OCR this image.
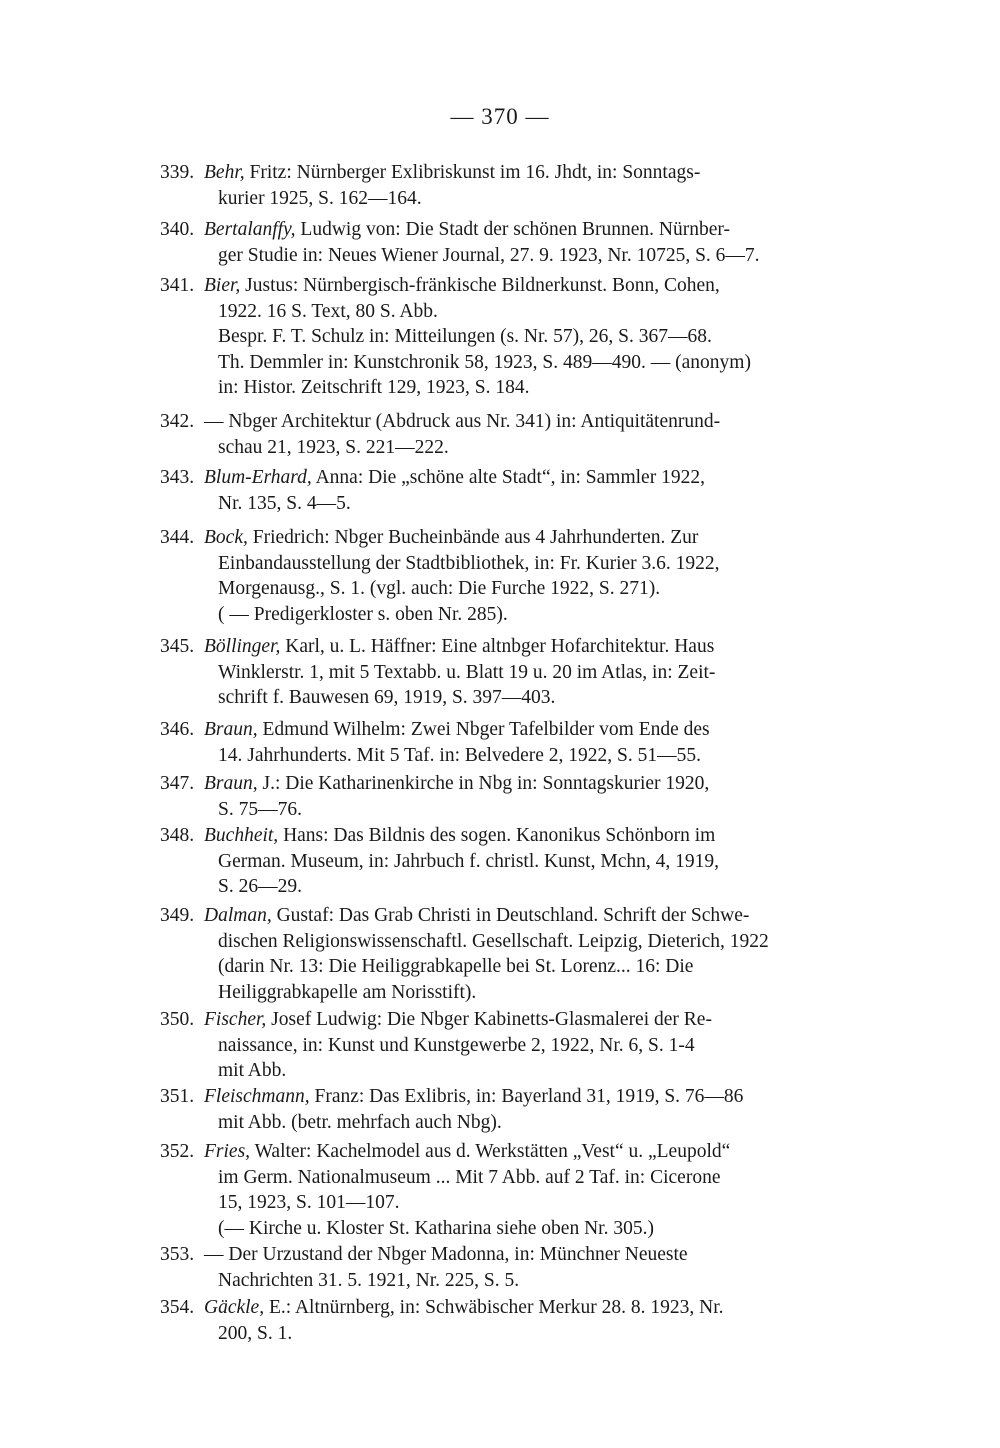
— 370 —
339. Behr, Fritz: Nürnberger Exlibriskunst im 16. Jhdt, in: Sonntags-
kurier 1925, S. 162—164.
340. Bertalanffy, Ludwig von: Die Stadt der schönen Brunnen. Nürnber-
ger Studie in: Neues Wiener Journal, 27. 9. 1923, Nr. 10725, S. 6—7.
341. Bier, Justus: Nürnbergisch-fränkische Bildnerkunst. Bonn, Cohen,
1922. 16 S. Text, 80 S. Abb.
Bespr. F. T. Schulz in: Mitteilungen (s. Nr. 57), 26, S. 367—68.
Th. Demmler in: Kunstchronik 58, 1923, S. 489—490. — (anonym)
in: Histor. Zeitschrift 129, 1923, S. 184.
342. — Nbger Architektur (Abdruck aus Nr. 341) in: Antiquitätenrund-
schau 21, 1923, S. 221—222.
343. Blum-Erhard, Anna: Die „schöne alte Stadt“, in: Sammler 1922,
Nr. 135, S. 4—5.
344. Bock, Friedrich: Nbger Bucheinbände aus 4 Jahrhunderten. Zur
Einbandausstellung der Stadtbibliothek, in: Fr. Kurier 3.6. 1922,
Morgenausg., S. 1. (vgl. auch: Die Furche 1922, S. 271).
( — Predigerkloster s. oben Nr. 285).
345. Böllinger, Karl, u. L. Häffner: Eine altnbger Hofarchitektur. Haus
Winklerstr. 1, mit 5 Textabb. u. Blatt 19 u. 20 im Atlas, in: Zeit-
schrift f. Bauwesen 69, 1919, S. 397—403.
346. Braun, Edmund Wilhelm: Zwei Nbger Tafelbilder vom Ende des
14. Jahrhunderts. Mit 5 Taf. in: Belvedere 2, 1922, S. 51—55.
347. Braun, J.: Die Katharinenkirche in Nbg in: Sonntagskurier 1920,
S. 75—76.
348. Buchheit, Hans: Das Bildnis des sogen. Kanonikus Schönborn im
German. Museum, in: Jahrbuch f. christl. Kunst, Mchn, 4, 1919,
S. 26—29.
349. Dalman, Gustaf: Das Grab Christi in Deutschland. Schrift der Schwe-
dischen Religionswissenschaftl. Gesellschaft. Leipzig, Dieterich, 1922
(darin Nr. 13: Die Heiliggrabkapelle bei St. Lorenz... 16: Die
Heiliggrabkapelle am Norisstift).
350. Fischer, Josef Ludwig: Die Nbger Kabinetts-Glasmalerei der Re-
naissance, in: Kunst und Kunstgewerbe 2, 1922, Nr. 6, S. 1-4
mit Abb.
351. Fleischmann, Franz: Das Exlibris, in: Bayerland 31, 1919, S. 76—86
mit Abb. (betr. mehrfach auch Nbg).
352. Fries, Walter: Kachelmodel aus d. Werkstätten „Vest“ u. „Leupold“
im Germ. Nationalmuseum ... Mit 7 Abb. auf 2 Taf. in: Cicerone
15, 1923, S. 101—107.
(— Kirche u. Kloster St. Katharina siehe oben Nr. 305.)
353. — Der Urzustand der Nbger Madonna, in: Münchner Neueste
Nachrichten 31. 5. 1921, Nr. 225, S. 5.
354. Gäckle, E.: Altnürnberg, in: Schwäbischer Merkur 28. 8. 1923, Nr.
200, S. 1.
